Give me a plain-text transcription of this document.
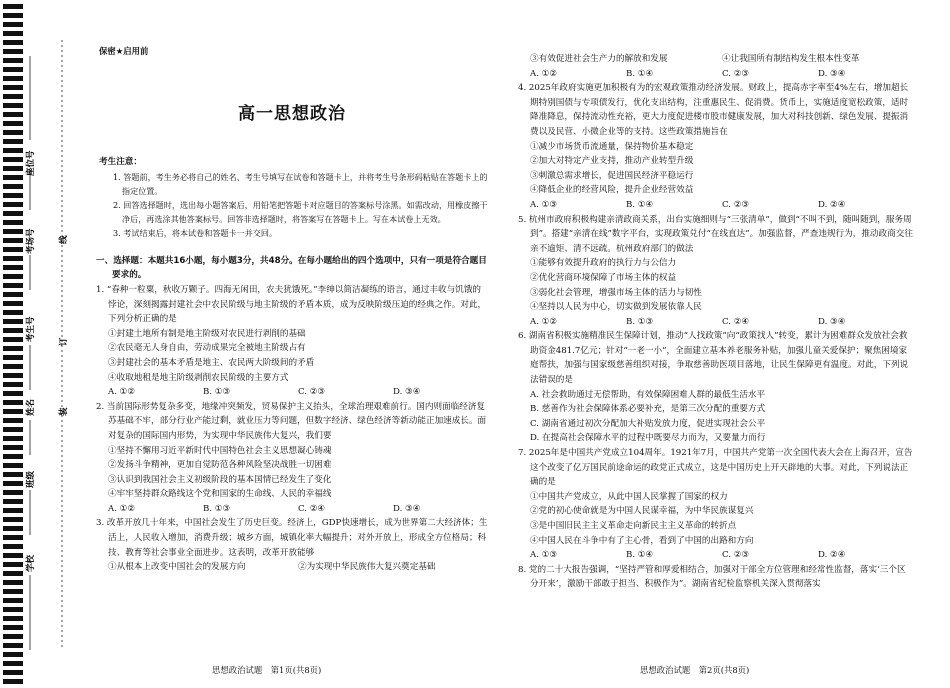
座位号
考场号
考生号
姓名
班级
学校
线
订
装
保密★启用前
高一思想政治
考生注意：
1. 答题前，考生务必将自己的姓名、考生号填写在试卷和答题卡上，并将考生号条形码粘贴在答题卡上的指定位置。
2. 回答选择题时，选出每小题答案后，用铅笔把答题卡对应题目的答案标号涂黑。如需改动，用橡皮擦干净后，再选涂其他答案标号。回答非选择题时，将答案写在答题卡上。写在本试卷上无效。
3. 考试结束后，将本试卷和答题卡一并交回。
一、选择题：本题共16小题，每小题3分，共48分。在每小题给出的四个选项中，只有一项是符合题目要求的。
1. “春种一粒粟，秋收万颗子。四海无闲田，农夫犹饿死。”李绅以简洁凝练的语言，通过丰收与饥饿的悖论，深刻揭露封建社会中农民阶级与地主阶级的矛盾本质，成为反映阶级压迫的经典之作。对此，下列分析正确的是
①封建土地所有制是地主阶级对农民进行剥削的基础
②农民毫无人身自由，劳动成果完全被地主阶级占有
③封建社会的基本矛盾是地主、农民两大阶级间的矛盾
④收取地租是地主阶级剥削农民阶级的主要方式
A. ①②	B. ①③	C. ②③	D. ③④
2. 当前国际形势复杂多变，地缘冲突频发，贸易保护主义抬头，全球治理艰难前行。国内则面临经济复苏基础不牢，部分行业产能过剩，就业压力等问题，但数字经济、绿色经济等新动能正加速成长。面对复杂的国际国内形势，为实现中华民族伟大复兴，我们要
①坚持不懈用习近平新时代中国特色社会主义思想凝心铸魂
②发扬斗争精神，更加自觉防范各种风险坚决战胜一切困难
③认识到我国社会主义初级阶段的基本国情已经发生了变化
④牢牢坚持群众路线这个党和国家的生命线、人民的幸福线
A. ①②	B. ①③	C. ②④	D. ③④
3. 改革开放几十年来，中国社会发生了历史巨变。经济上，GDP快速增长，成为世界第二大经济体；生活上，人民收入增加，消费升级；城乡方面，城镇化率大幅提升；对外开放上，形成全方位格局；科技、教育等社会事业全面进步。这表明，改革开放能够
①从根本上改变中国社会的发展方向	②为实现中华民族伟大复兴奠定基础
③有效促进社会生产力的解放和发展	④让我国所有制结构发生根本性变革
A. ①②	B. ①④	C. ②③	D. ③④
4. 2025年政府实施更加积极有为的宏观政策推动经济发展。财政上，提高赤字率至4%左右，增加超长期特别国债与专项债发行，优化支出结构，注重惠民生、促消费。货币上，实施适度宽松政策，适时降准降息，保持流动性充裕，更大力度促进楼市股市健康发展，加大对科技创新、绿色发展、提振消费以及民营、小微企业等的支持。这些政策措施旨在
①减少市场货币流通量，保持物价基本稳定
②加大对特定产业支持，推动产业转型升级
③刺激总需求增长，促进国民经济平稳运行
④降低企业的经营风险，提升企业经营效益
A. ①③	B. ①④	C. ②③	D. ②④
5. 杭州市政府积极构建亲清政商关系，出台实施细则与“三张清单”，做到“不叫不到，随叫随到，服务周到”。搭建“亲清在线”数字平台，实现政策兑付“在线直达”。加强监督，严查违规行为，推动政商交往亲不逾矩、清不远疏。杭州政府部门的做法
①能够有效提升政府的执行力与公信力
②优化营商环境保障了市场主体的权益
③弱化社会管理，增强市场主体的活力与韧性
④坚持以人民为中心，切实做到发展依靠人民
A. ①②	B. ①③	C. ②④	D. ③④
6. 湖南省积极实施精准民生保障计划，推动“人找政策”向“政策找人”转变，累计为困难群众发放社会救助资金481.7亿元；针对“一老一小”，全面建立基本养老服务补贴，加强儿童关爱保护；聚焦困境家庭帮扶，加强与国家级慈善组织对接，争取慈善助医项目落地，让民生保障更有温度。对此，下列说法错误的是
A. 社会救助通过无偿帮助，有效保障困难人群的最低生活水平
B. 慈善作为社会保障体系必要补充，是第三次分配的重要方式
C. 湖南省通过初次分配加大补贴发放力度，促进实现社会公平
D. 在提高社会保障水平的过程中既要尽力而为，又要量力而行
7. 2025年是中国共产党成立104周年。1921年7月，中国共产党第一次全国代表大会在上海召开，宣告这个改变了亿万国民前途命运的政党正式成立，这是中国历史上开天辟地的大事。对此，下列说法正确的是
①中国共产党成立，从此中国人民掌握了国家的权力
②党的初心使命就是为中国人民谋幸福，为中华民族谋复兴
③是中国旧民主主义革命走向新民主主义革命的转折点
④中国人民在斗争中有了主心骨，看到了中国的出路和方向
A. ①③	B. ①④	C. ②③	D. ②④
8. 党的二十大报告强调，“坚持严管和厚爱相结合，加强对干部全方位管理和经常性监督，落实‘三个区分开来’，激励干部敢于担当、积极作为”。湖南省纪检监察机关深入贯彻落实
思想政治试题　第1页(共8页)	思想政治试题　第2页(共8页)
